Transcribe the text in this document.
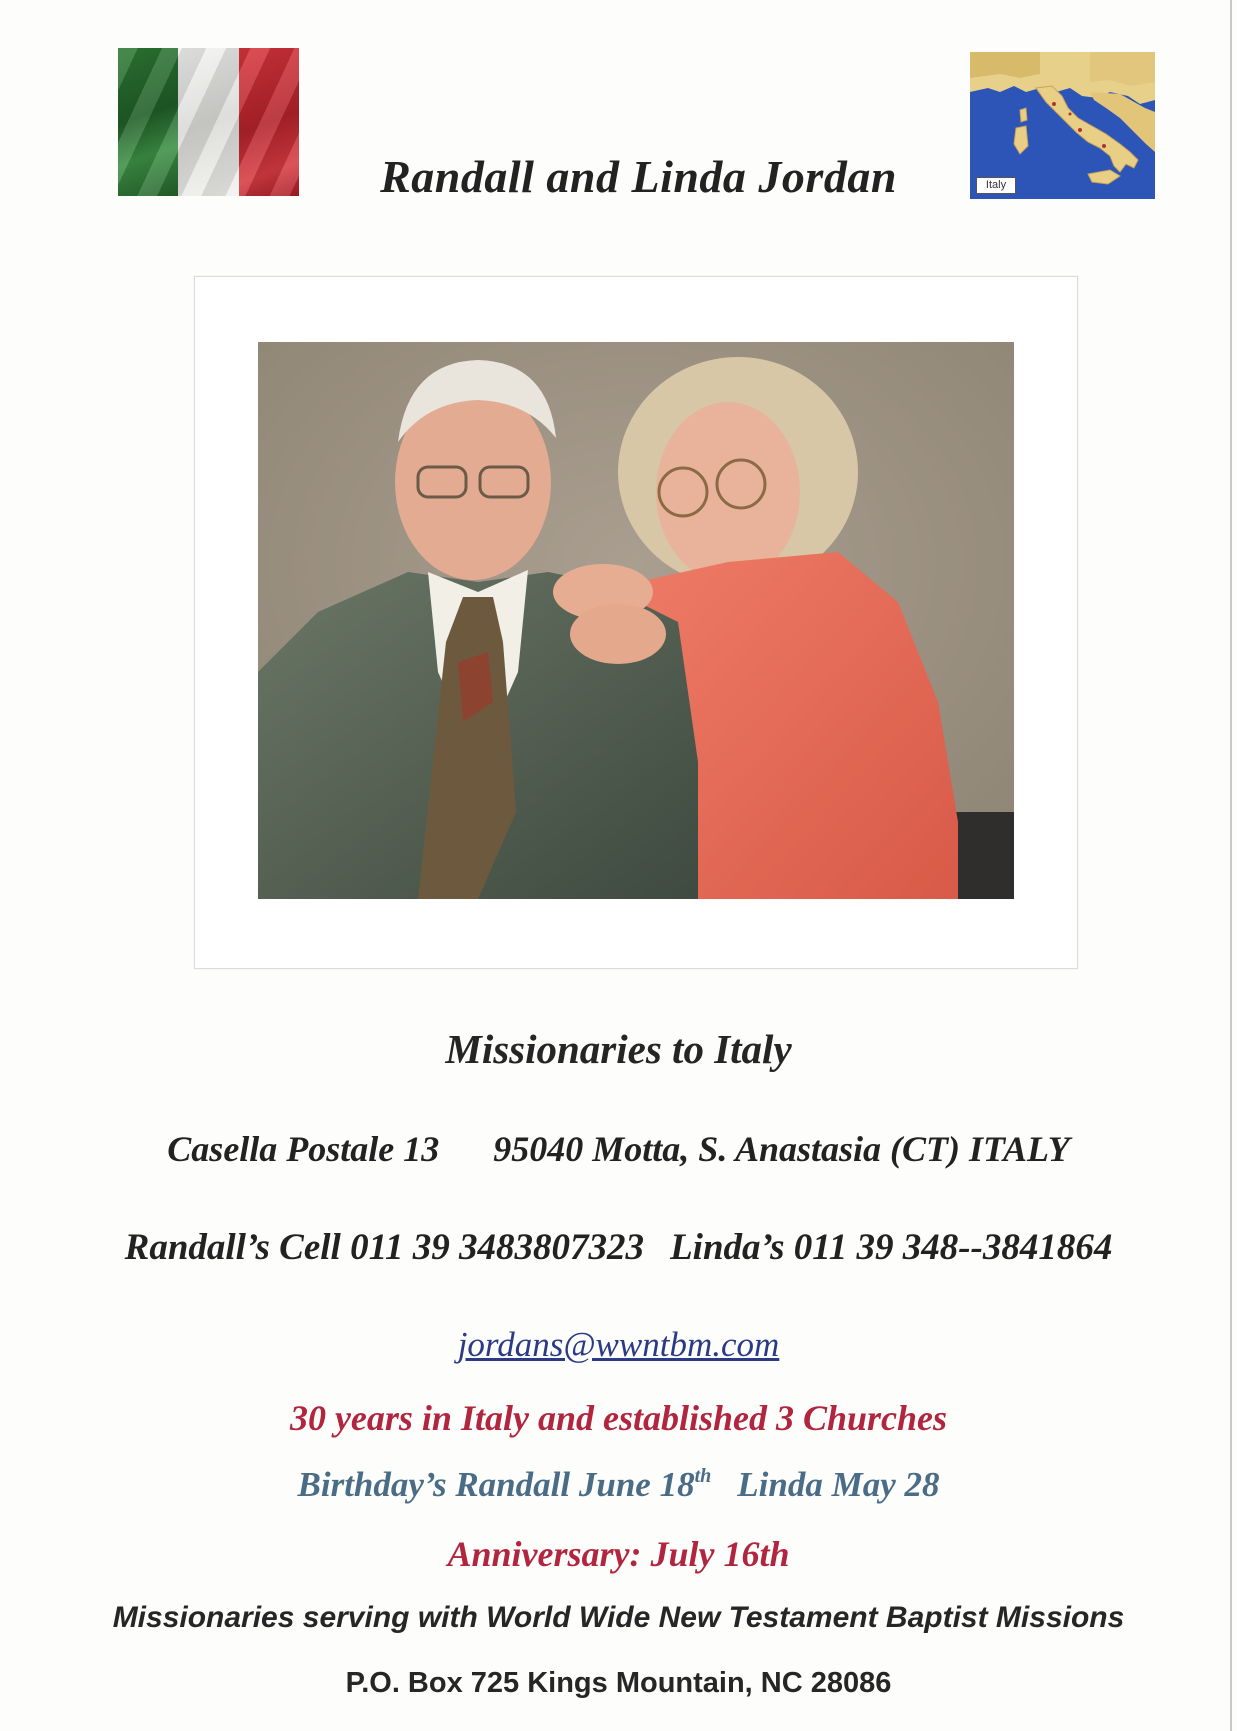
Italy
Randall and Linda Jordan
Missionaries to Italy
Casella Postale 13 95040 Motta, S. Anastasia (CT) ITALY
Randall’s Cell 011 39 3483807323 Linda’s 011 39 348--3841864
jordans@wwntbm.com
30 years in Italy and established 3 Churches
Birthday’s Randall June 18th Linda May 28
Anniversary: July 16th
Missionaries serving with World Wide New Testament Baptist Missions
P.O. Box 725 Kings Mountain, NC 28086
